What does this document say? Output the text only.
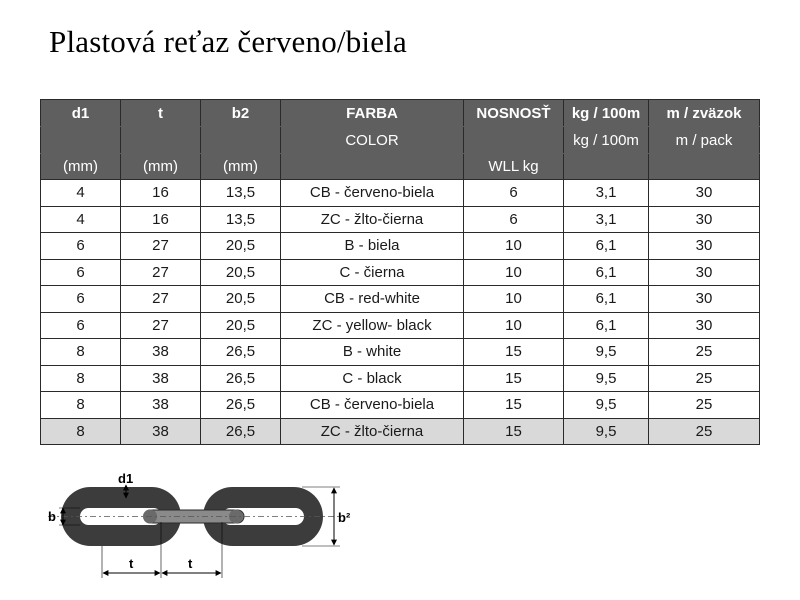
Plastová reťaz červeno/biela
d1	t	b2	FARBA	NOSNOSŤ	kg / 100m	m / zväzok
			COLOR		kg / 100m	m / pack
(mm)	(mm)	(mm)		WLL kg		
4	16	13,5	CB - červeno-biela	6	3,1	30
4	16	13,5	ZC - žlto-čierna	6	3,1	30
6	27	20,5	B - biela	10	6,1	30
6	27	20,5	C - čierna	10	6,1	30
6	27	20,5	CB - red-white	10	6,1	30
6	27	20,5	ZC - yellow- black	10	6,1	30
8	38	26,5	B - white	15	9,5	25
8	38	26,5	C - black	15	9,5	25
8	38	26,5	CB - červeno-biela	15	9,5	25
8	38	26,5	ZC - žlto-čierna	15	9,5	25
d1
b	b²
t	t
